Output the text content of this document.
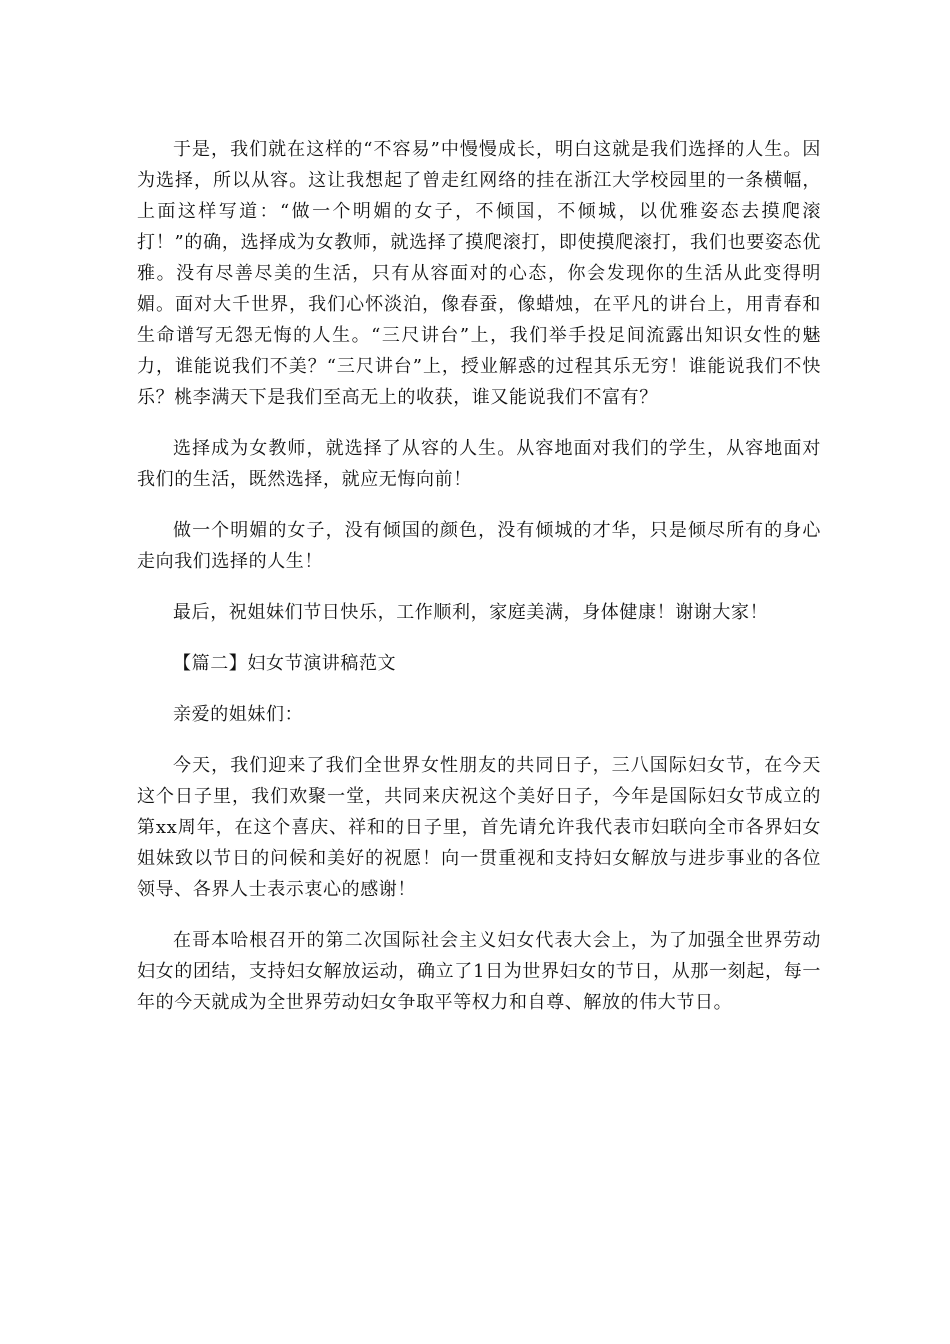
于是，我们就在这样的“不容易”中慢慢成长，明白这就是我们选择的人生。因为选择，所以从容。这让我想起了曾走红网络的挂在浙江大学校园里的一条横幅，上面这样写道：“做一个明媚的女子，不倾国，不倾城，以优雅姿态去摸爬滚打！”的确，选择成为女教师，就选择了摸爬滚打，即使摸爬滚打，我们也要姿态优雅。没有尽善尽美的生活，只有从容面对的心态，你会发现你的生活从此变得明媚。面对大千世界，我们心怀淡泊，像春蚕，像蜡烛，在平凡的讲台上，用青春和生命谱写无怨无悔的人生。“三尺讲台”上，我们举手投足间流露出知识女性的魅力，谁能说我们不美？“三尺讲台”上，授业解惑的过程其乐无穷！谁能说我们不快乐？桃李满天下是我们至高无上的收获，谁又能说我们不富有？

选择成为女教师，就选择了从容的人生。从容地面对我们的学生，从容地面对我们的生活，既然选择，就应无悔向前！

做一个明媚的女子，没有倾国的颜色，没有倾城的才华，只是倾尽所有的身心走向我们选择的人生！

最后，祝姐妹们节日快乐，工作顺利，家庭美满，身体健康！谢谢大家！

【篇二】妇女节演讲稿范文

亲爱的姐妹们：

今天，我们迎来了我们全世界女性朋友的共同日子，三八国际妇女节，在今天这个日子里，我们欢聚一堂，共同来庆祝这个美好日子，今年是国际妇女节成立的第xx周年，在这个喜庆、祥和的日子里，首先请允许我代表市妇联向全市各界妇女姐妹致以节日的问候和美好的祝愿！向一贯重视和支持妇女解放与进步事业的各位领导、各界人士表示衷心的感谢！

在哥本哈根召开的第二次国际社会主义妇女代表大会上，为了加强全世界劳动妇女的团结，支持妇女解放运动，确立了1日为世界妇女的节日，从那一刻起，每一年的今天就成为全世界劳动妇女争取平等权力和自尊、解放的伟大节日。
